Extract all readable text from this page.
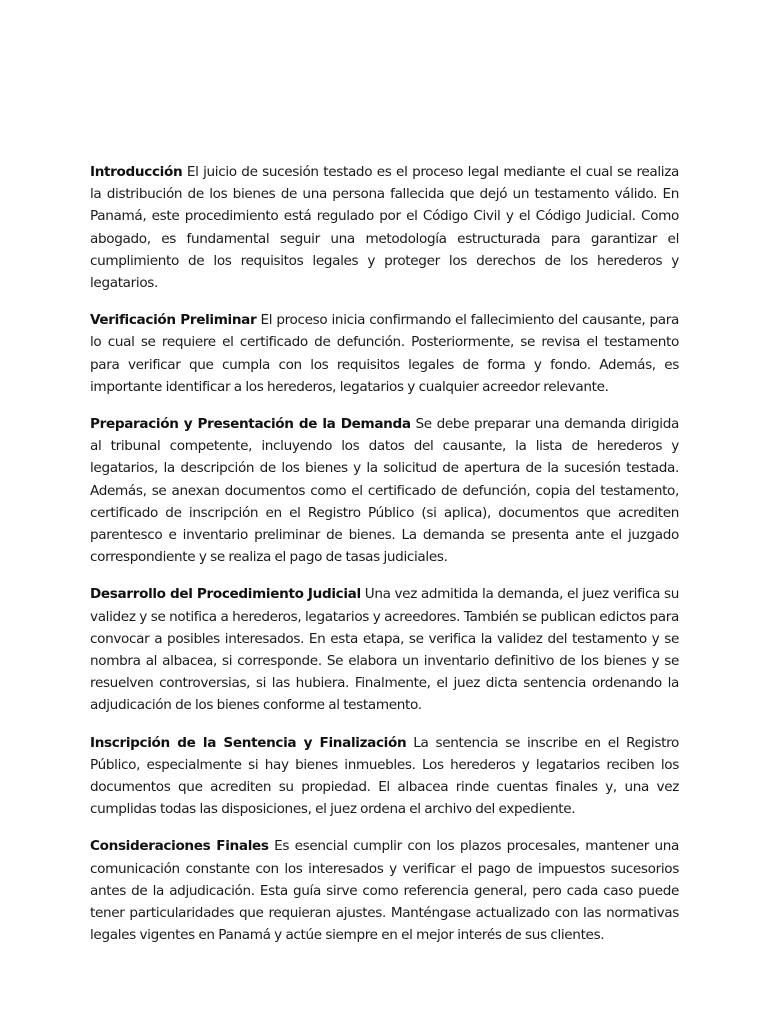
Introducción El juicio de sucesión testado es el proceso legal mediante el cual se realiza la distribución de los bienes de una persona fallecida que dejó un testamento válido. En Panamá, este procedimiento está regulado por el Código Civil y el Código Judicial. Como abogado, es fundamental seguir una metodología estructurada para garantizar el cumplimiento de los requisitos legales y proteger los derechos de los herederos y legatarios.

Verificación Preliminar El proceso inicia confirmando el fallecimiento del causante, para lo cual se requiere el certificado de defunción. Posteriormente, se revisa el testamento para verificar que cumpla con los requisitos legales de forma y fondo. Además, es importante identificar a los herederos, legatarios y cualquier acreedor relevante.

Preparación y Presentación de la Demanda Se debe preparar una demanda dirigida al tribunal competente, incluyendo los datos del causante, la lista de herederos y legatarios, la descripción de los bienes y la solicitud de apertura de la sucesión testada. Además, se anexan documentos como el certificado de defunción, copia del testamento, certificado de inscripción en el Registro Público (si aplica), documentos que acrediten parentesco e inventario preliminar de bienes. La demanda se presenta ante el juzgado correspondiente y se realiza el pago de tasas judiciales.

Desarrollo del Procedimiento Judicial Una vez admitida la demanda, el juez verifica su validez y se notifica a herederos, legatarios y acreedores. También se publican edictos para convocar a posibles interesados. En esta etapa, se verifica la validez del testamento y se nombra al albacea, si corresponde. Se elabora un inventario definitivo de los bienes y se resuelven controversias, si las hubiera. Finalmente, el juez dicta sentencia ordenando la adjudicación de los bienes conforme al testamento.

Inscripción de la Sentencia y Finalización La sentencia se inscribe en el Registro Público, especialmente si hay bienes inmuebles. Los herederos y legatarios reciben los documentos que acrediten su propiedad. El albacea rinde cuentas finales y, una vez cumplidas todas las disposiciones, el juez ordena el archivo del expediente.

Consideraciones Finales Es esencial cumplir con los plazos procesales, mantener una comunicación constante con los interesados y verificar el pago de impuestos sucesorios antes de la adjudicación. Esta guía sirve como referencia general, pero cada caso puede tener particularidades que requieran ajustes. Manténgase actualizado con las normativas legales vigentes en Panamá y actúe siempre en el mejor interés de sus clientes.
